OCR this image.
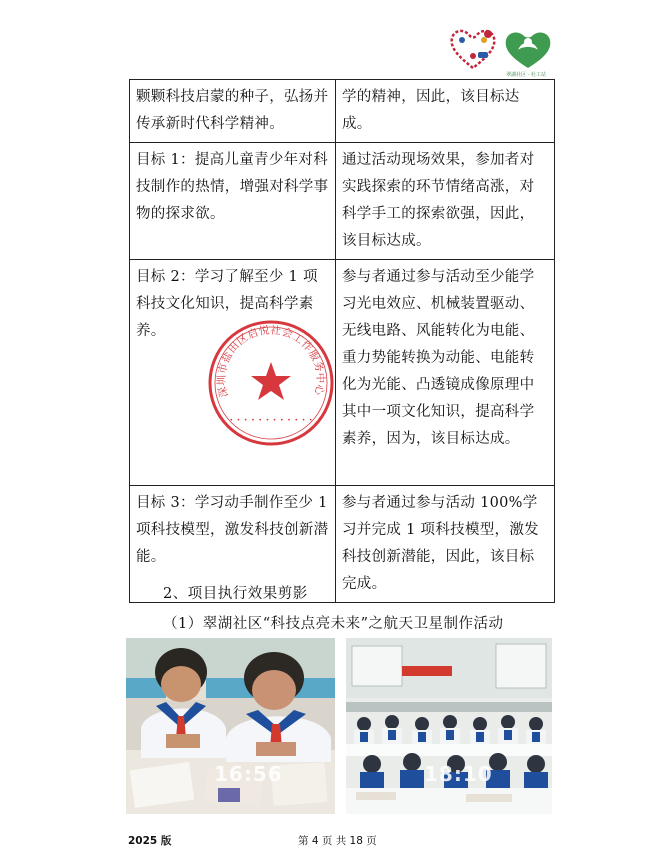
翠湖社区 · 社工站
颗颗科技启蒙的种子，弘扬并传承新时代科学精神。	学的精神，因此，该目标达成。
目标 1：提高儿童青少年对科技制作的热情，增强对科学事物的探求欲。	通过活动现场效果，参加者对实践探索的环节情绪高涨，对科学手工的探索欲强，因此，该目标达成。
目标 2：学习了解至少 1 项科技文化知识，提高科学素养。	参与者通过参与活动至少能学习光电效应、机械装置驱动、无线电路、风能转化为电能、重力势能转换为动能、电能转化为光能、凸透镜成像原理中其中一项文化知识，提高科学素养，因为，该目标达成。
目标 3：学习动手制作至少 1 项科技模型，激发科技创新潜能。	参与者通过参与活动 100%学习并完成 1 项科技模型，激发科技创新潜能，因此，该目标完成。
深圳市盐田区启悦社会工作服务中心
• • • • • • • • • • • •
2、项目执行效果剪影
（1）翠湖社区“科技点亮未来”之航天卫星制作活动
16:56	18:10
2025 版	第 4 页 共 18 页
